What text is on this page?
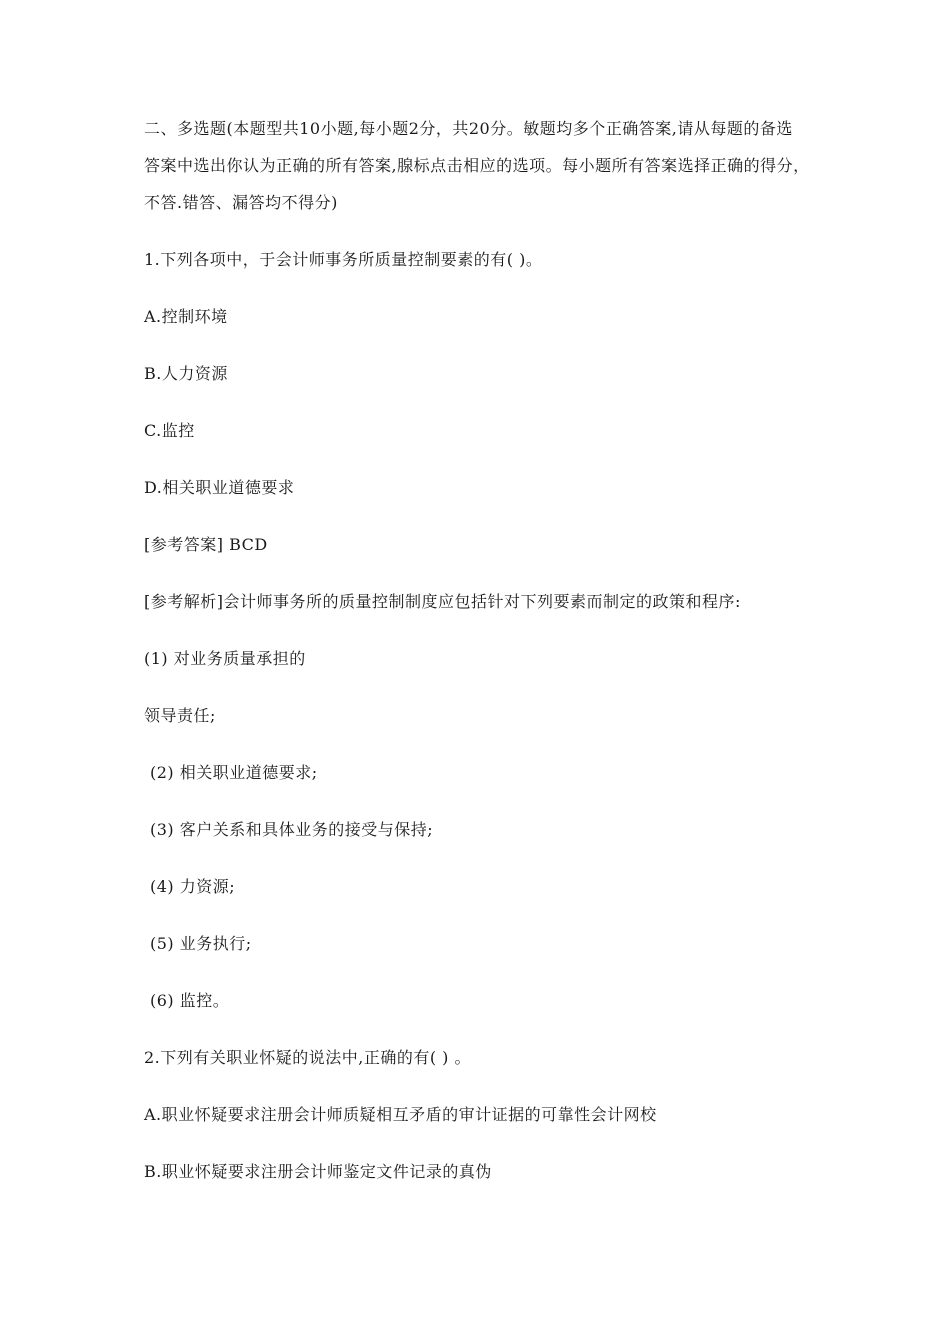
二、多选题(本题型共10小题,每小题2分，共20分。敏题均多个正确答案,请从每题的备选
答案中选出你认为正确的所有答案,腺标点击相应的选项。每小题所有答案选择正确的得分，
不答.错答、漏答均不得分)
1.下列各项中，于会计师事务所质量控制要素的有( )。
A.控制环境
B.人力资源
C.监控
D.相关职业道德要求
[参考答案] BCD
[参考解析]会计师事务所的质量控制制度应包括针对下列要素而制定的政策和程序:
(1) 对业务质量承担的
领导责任;
(2) 相关职业道德要求;
(3) 客户关系和具体业务的接受与保持;
(4) 力资源;
(5) 业务执行;
(6) 监控。
2.下列有关职业怀疑的说法中,正确的有( ) 。
A.职业怀疑要求注册会计师质疑相互矛盾的审计证据的可靠性会计网校
B.职业怀疑要求注册会计师鉴定文件记录的真伪
